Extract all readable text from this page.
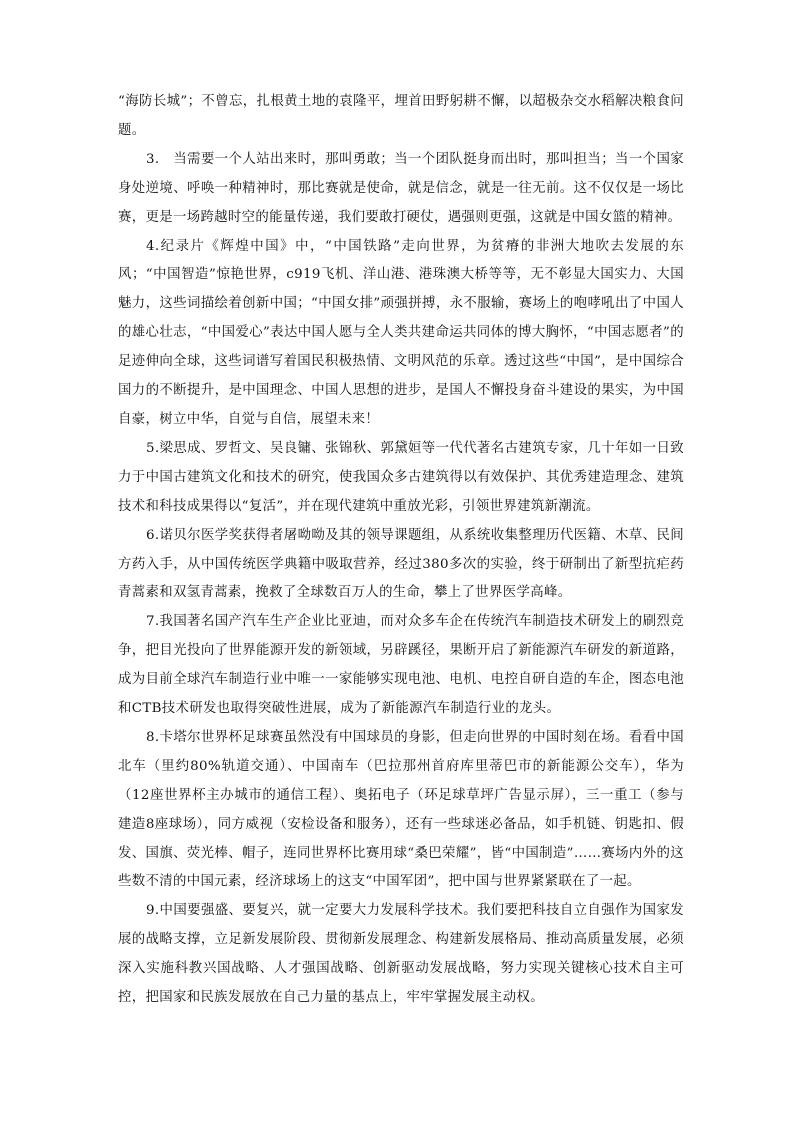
“海防长城”；不曾忘，扎根黄土地的袁隆平，埋首田野躬耕不懈，以超极杂交水稻解决粮食问题。

3.　当需要一个人站出来时，那叫勇敢；当一个团队挺身而出时，那叫担当；当一个国家身处逆境、呼唤一种精神时，那比赛就是使命，就是信念，就是一往无前。这不仅仅是一场比赛，更是一场跨越时空的能量传递，我们要敢打硬仗，遇强则更强，这就是中国女篮的精神。

4.纪录片《辉煌中国》中，“中国铁路”走向世界，为贫瘠的非洲大地吹去发展的东风；“中国智造”惊艳世界，c919飞机、洋山港、港珠澳大桥等等，无不彰显大国实力、大国魅力，这些词描绘着创新中国；“中国女排”顽强拼搏，永不服输，赛场上的咆哮吼出了中国人的雄心壮志，“中国爱心”表达中国人愿与全人类共建命运共同体的博大胸怀，“中国志愿者”的足迹伸向全球，这些词谱写着国民积极热情、文明风范的乐章。透过这些“中国”，是中国综合国力的不断提升，是中国理念、中国人思想的进步，是国人不懈投身奋斗建设的果实，为中国自豪，树立中华，自觉与自信，展望未来！

5.梁思成、罗哲文、吴良镛、张锦秋、郭黛姮等一代代著名古建筑专家，几十年如一日致力于中国古建筑文化和技术的研究，使我国众多古建筑得以有效保护、其优秀建造理念、建筑技术和科技成果得以“复活”，并在现代建筑中重放光彩，引领世界建筑新潮流。

6.诺贝尔医学奖获得者屠呦呦及其的领导课题组，从系统收集整理历代医籍、木草、民间方药入手，从中国传统医学典籍中吸取营养，经过380多次的实验，终于研制出了新型抗疟药青蒿素和双氢青蒿素，挽救了全球数百万人的生命，攀上了世界医学高峰。

7.我国著名国产汽车生产企业比亚迪，而对众多车企在传统汽车制造技术研发上的刷烈竞争，把目光投向了世界能源开发的新领域，另辟蹊径，果断开启了新能源汽车研发的新道路，成为目前全球汽车制造行业中唯一一家能够实现电池、电机、电控自研自造的车企，图态电池和CTB技术研发也取得突破性进展，成为了新能源汽车制造行业的龙头。

8.卡塔尔世界杯足球赛虽然没有中国球员的身影，但走向世界的中国时刻在场。看看中国北车（里约80%轨道交通）、中国南车（巴拉那州首府库里蒂巴市的新能源公交车），华为（12座世界杯主办城市的通信工程）、奥拓电子（环足球草坪广告显示屏），三一重工（参与建造8座球场），同方威视（安检设备和服务），还有一些球迷必备品，如手机链、钥匙扣、假发、国旗、荧光棒、帽子，连同世界杯比赛用球“桑巴荣耀”，皆“中国制造”……赛场内外的这些数不清的中国元素，经济球场上的这支“中国军团”，把中国与世界紧紧联在了一起。

9.中国要强盛、要复兴，就一定要大力发展科学技术。我们要把科技自立自强作为国家发展的战略支撑，立足新发展阶段、贯彻新发展理念、构建新发展格局、推动高质量发展，必须深入实施科教兴国战略、人才强国战略、创新驱动发展战略，努力实现关键核心技术自主可控，把国家和民族发展放在自己力量的基点上，牢牢掌握发展主动权。
